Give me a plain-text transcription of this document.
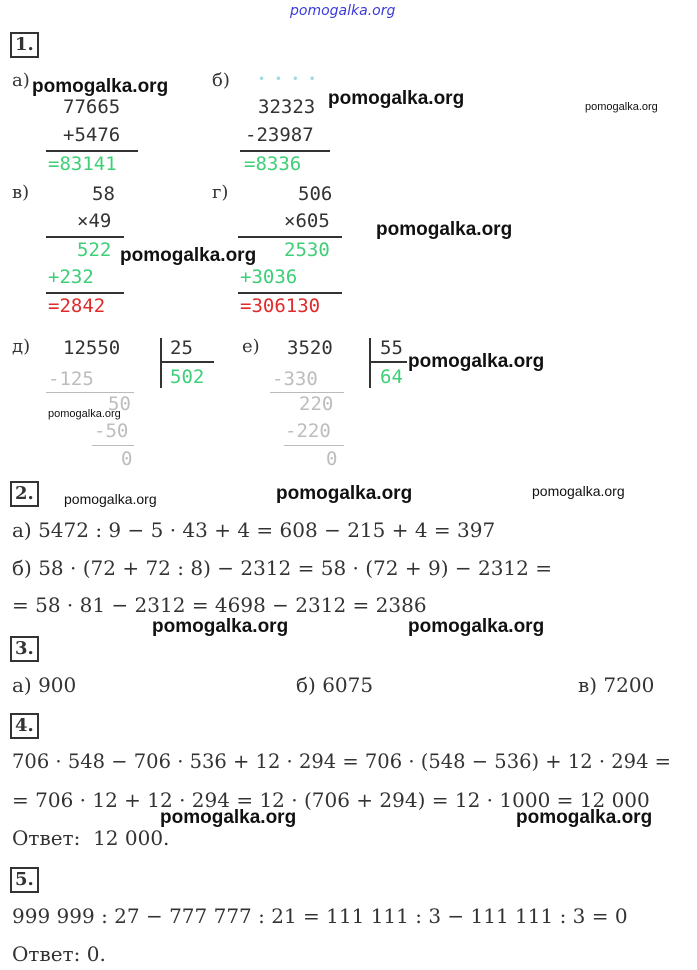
pomogalka.org
1.
а)
77665
+5476
=83141
б) • • • •
32323
-23987
=8336
в)	58
×49
522
+232
=2842
г)	506
×605
2530
+3036
=306130
д) 12550	25
502
-125
50
-50
0
е) 3520 55
64
-330
220
-220
0
2.
а) 5472 : 9 − 5 · 43 + 4 = 608 − 215 + 4 = 397
б) 58 · (72 + 72 : 8) − 2312 = 58 · (72 + 9) − 2312 =
= 58 · 81 − 2312 = 4698 − 2312 = 2386
3.
а) 900	б) 6075	в) 7200
4.
706 · 548 − 706 · 536 + 12 · 294 = 706 · (548 − 536) + 12 · 294 =
= 706 · 12 + 12 · 294 = 12 · (706 + 294) = 12 · 1000 = 12 000
Ответ:  12 000.
5.
999 999 : 27 − 777 777 : 21 = 111 111 : 3 − 111 111 : 3 = 0
Ответ: 0.
pomogalka.org
pomogalka.org	pomogalka.org
pomogalka.org
pomogalka.org
pomogalka.org
pomogalka.org
pomogalka.org	pomogalka.org	pomogalka.org
pomogalka.org	pomogalka.org
pomogalka.org	pomogalka.org
